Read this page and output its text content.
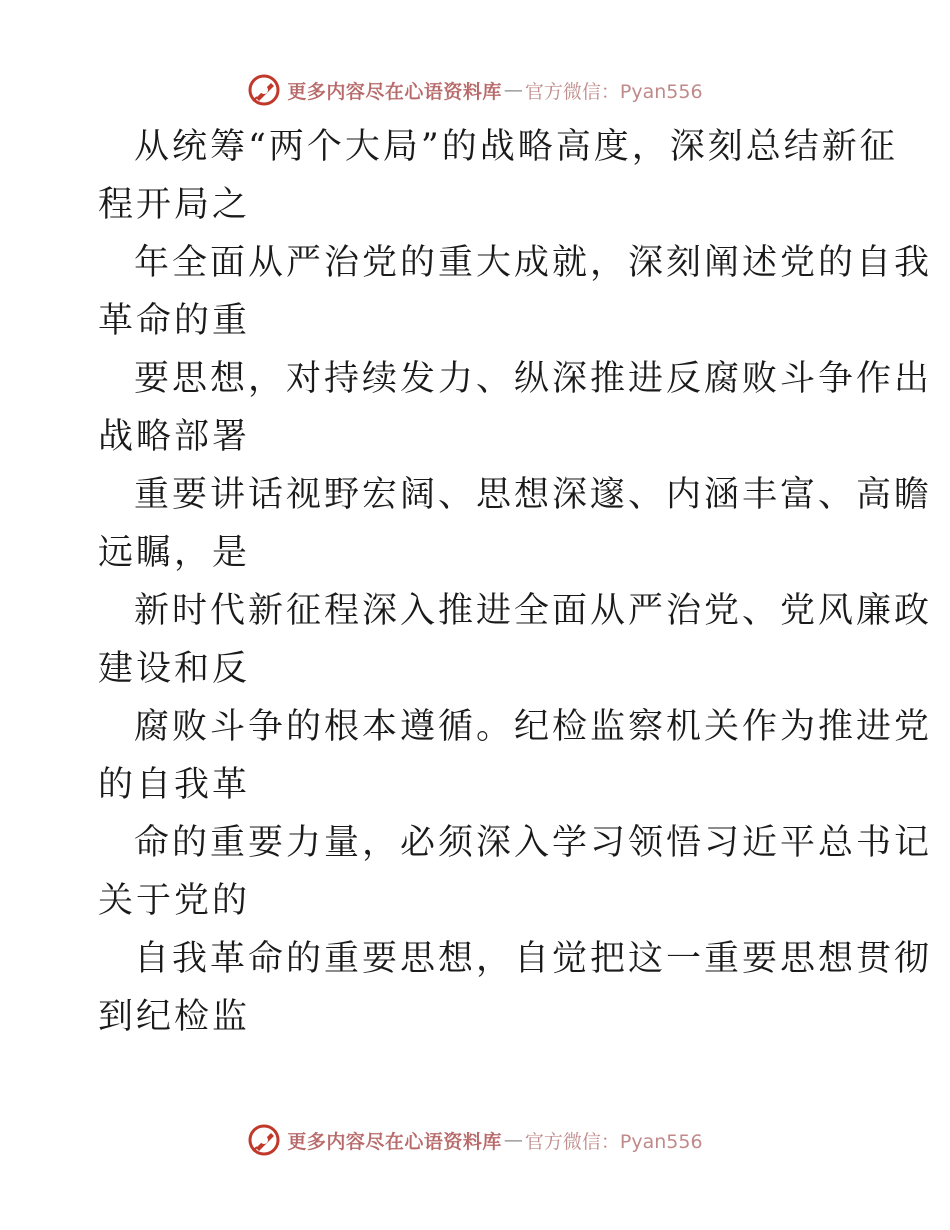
更多内容尽在心语资料库 — 官方微信：Pyan556

从统筹“两个大局”的战略高度，深刻总结新征
程开局之

年全面从严治党的重大成就，深刻阐述党的自我
革命的重

要思想，对持续发力、纵深推进反腐败斗争作出
战略部署

重要讲话视野宏阔、思想深邃、内涵丰富、高瞻
远瞩，是

新时代新征程深入推进全面从严治党、党风廉政
建设和反

腐败斗争的根本遵循。纪检监察机关作为推进党
的自我革

命的重要力量，必须深入学习领悟习近平总书记
关于党的

自我革命的重要思想，自觉把这一重要思想贯彻
到纪检监

更多内容尽在心语资料库 — 官方微信：Pyan556
